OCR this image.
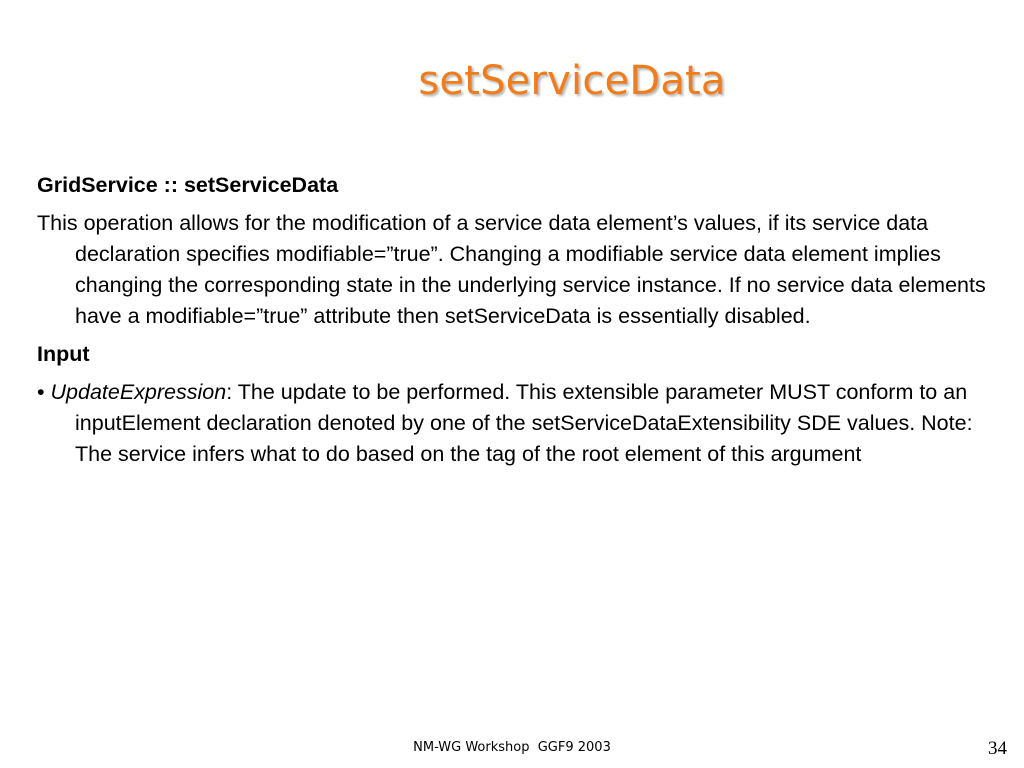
setServiceData
GridService :: setServiceData
This operation allows for the modification of a service data element’s values, if its service data declaration specifies modifiable=”true”. Changing a modifiable service data element implies changing the corresponding state in the underlying service instance. If no service data elements have a modifiable=”true” attribute then setServiceData is essentially disabled.
Input
• UpdateExpression: The update to be performed. This extensible parameter MUST conform to an inputElement declaration denoted by one of the setServiceDataExtensibility SDE values. Note: The service infers what to do based on the tag of the root element of this argument
NM-WG Workshop  GGF9 2003	34
